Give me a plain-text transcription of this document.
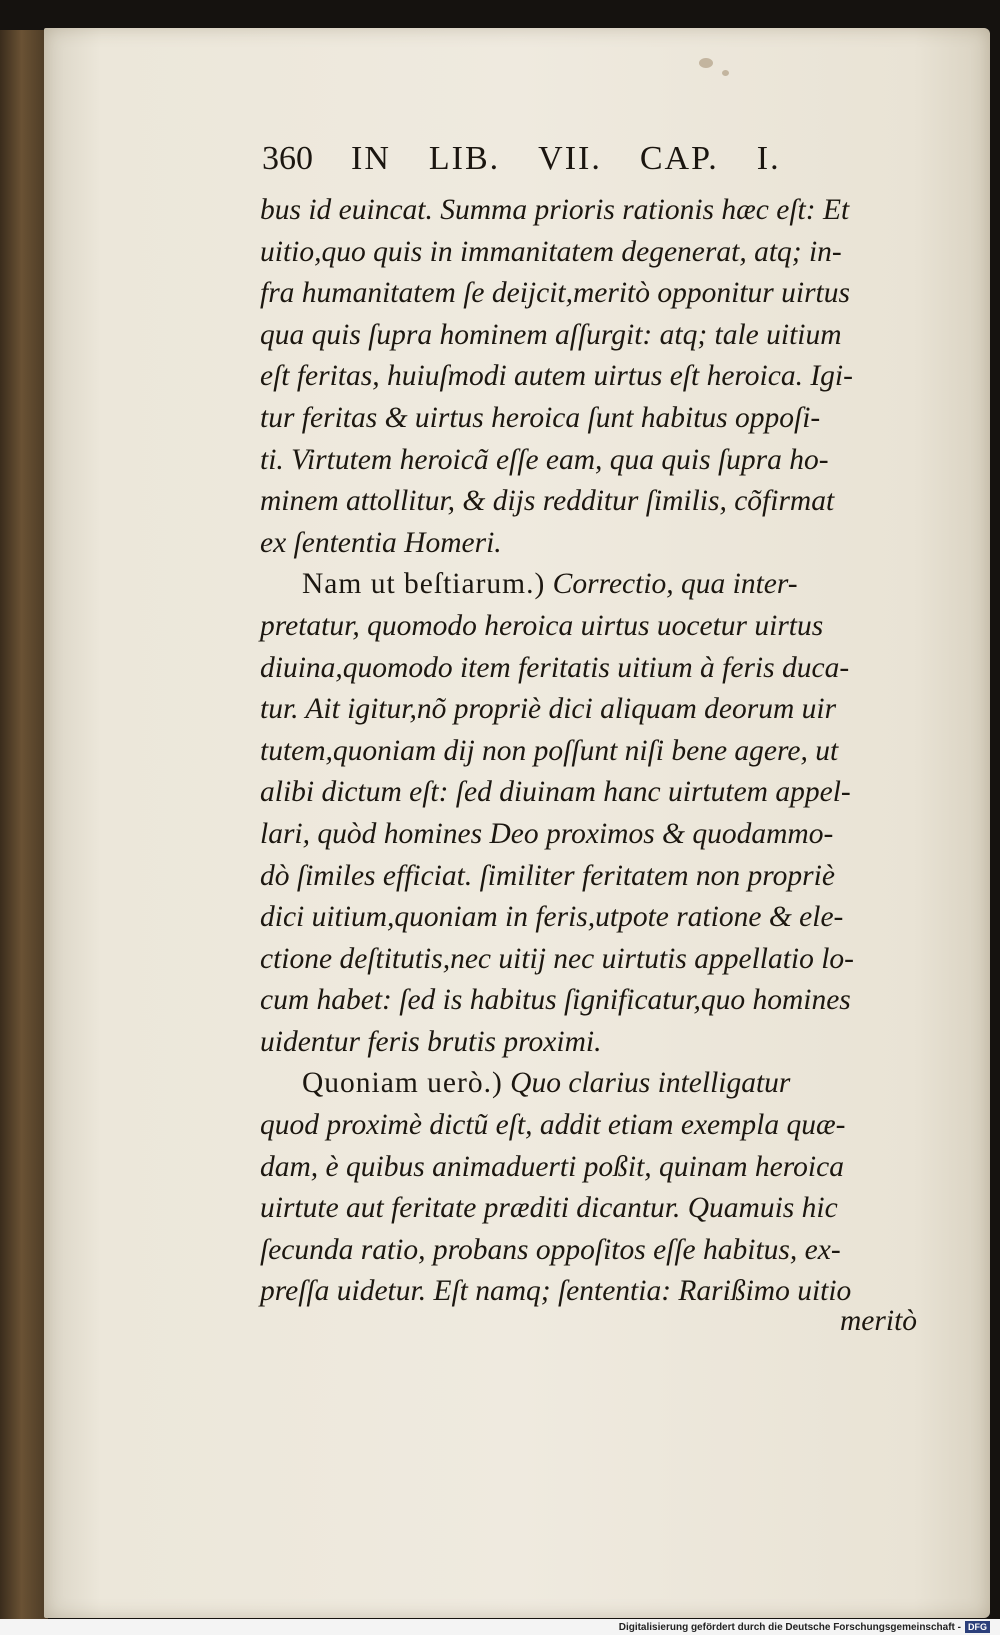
360 IN LIB. VII. CAP. I.
bus id euincat. Summa prioris rationis hæc eſt: Et
uitio,quo quis in immanitatem degenerat, atq; in-
fra humanitatem ſe deijcit,meritò opponitur uirtus
qua quis ſupra hominem aſſurgit: atq; tale uitium
eſt feritas, huiuſmodi autem uirtus eſt heroica. Igi-
tur feritas & uirtus heroica ſunt habitus oppoſi-
ti. Virtutem heroicã eſſe eam, qua quis ſupra ho-
minem attollitur, & dijs redditur ſimilis, cõfirmat
ex ſententia Homeri.
Nam ut beſtiarum.) Correctio, qua inter-
pretatur, quomodo heroica uirtus uocetur uirtus
diuina,quomodo item feritatis uitium à feris duca-
tur. Ait igitur,nõ propriè dici aliquam deorum uir
tutem,quoniam dij non poſſunt niſi bene agere, ut
alibi dictum eſt: ſed diuinam hanc uirtutem appel-
lari, quòd homines Deo proximos & quodammo-
dò ſimiles efficiat. ſimiliter feritatem non propriè
dici uitium,quoniam in feris,utpote ratione & ele-
ctione deſtitutis,nec uitij nec uirtutis appellatio lo-
cum habet: ſed is habitus ſignificatur,quo homines
uidentur feris brutis proximi.
Quoniam uerò.) Quo clarius intelligatur
quod proximè dictũ eſt, addit etiam exempla quæ-
dam, è quibus animaduerti poßit, quinam heroica
uirtute aut feritate præditi dicantur. Quamuis hic
ſecunda ratio, probans oppoſitos eſſe habitus, ex-
preſſa uidetur. Eſt namq; ſententia: Rarißimo uitio
meritò
Digitalisierung gefördert durch die Deutsche Forschungsgemeinschaft - DFG
